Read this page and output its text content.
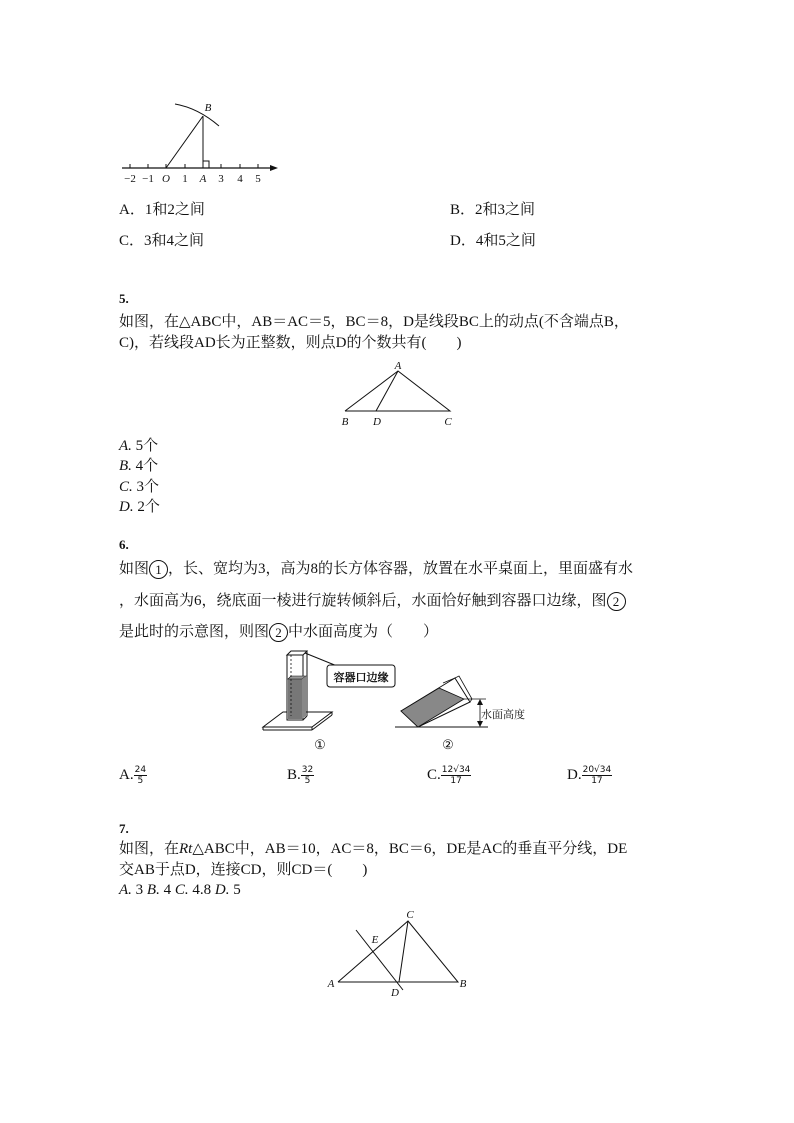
−2 −1 O 1 A 3 4 5
B
A．1和2之间	B．2和3之间
C．3和4之间	D．4和5之间
5.
如图，在△ABC中，AB＝AC＝5，BC＝8，D是线段BC上的动点(不含端点B，
C)，若线段AD长为正整数，则点D的个数共有(　　)
A
B D	C
A. 5个
B. 4个
C. 3个
D. 2个
6.
如图 1 ，长、宽均为3，高为8的长方体容器，放置在水平桌面上，里面盛有水
，水面高为6，绕底面一棱进行旋转倾斜后，水面恰好触到容器口边缘，图 2
是此时的示意图，则图 2 中水面高度为（　　）
容器口边缘
水面高度
①	②
A. $\frac{24}{5}$	B. $\frac{32}{5}$	C. $\frac{12√34}{17}$	D. $\frac{20√34}{17}$
7.
如图，在Rt△ABC中，AB＝10，AC＝8，BC＝6，DE是AC的垂直平分线，DE
交AB于点D，连接CD，则CD＝(　　)
A. 3 B. 4 C. 4.8 D. 5
C
E
A
D
B
